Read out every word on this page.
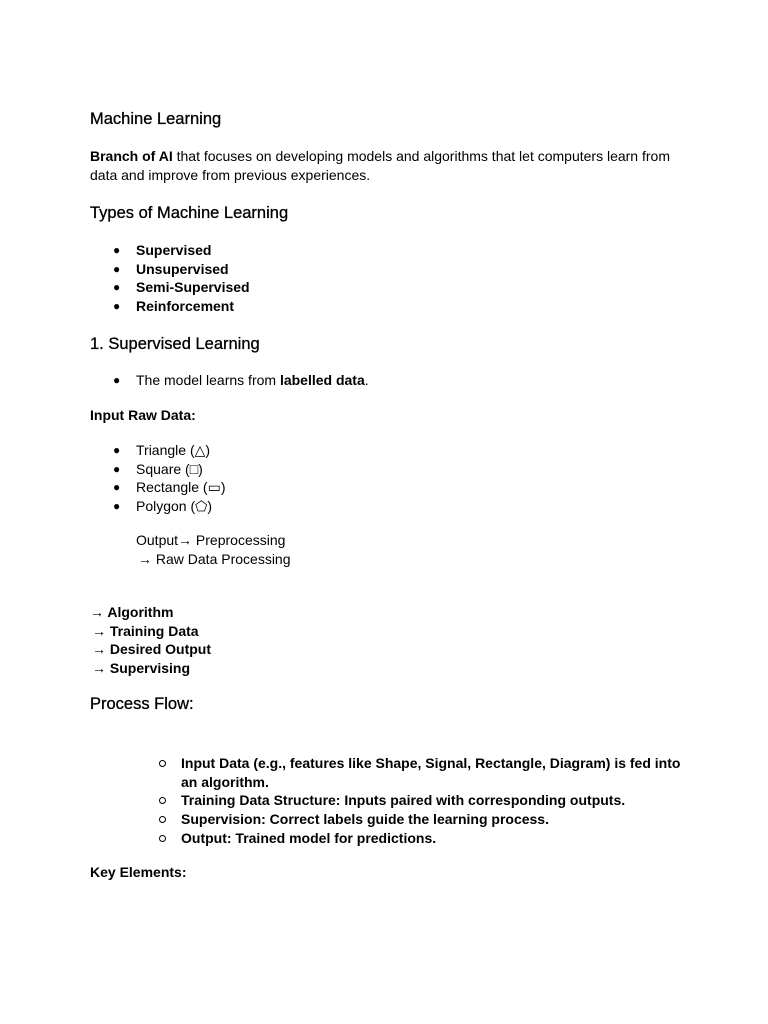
Machine Learning

Branch of AI that focuses on developing models and algorithms that let computers learn from data and improve from previous experiences.

Types of Machine Learning
● Supervised
● Unsupervised
● Semi-Supervised
● Reinforcement
1. Supervised Learning
● The model learns from labelled data.
Input Raw Data:
● Triangle (△)
● Square (□)
● Rectangle (▭)
● Polygon (⬠)
Output→ Preprocessing
→ Raw Data Processing
→ Algorithm
→ Training Data
→ Desired Output
→ Supervising
Process Flow:
Input Data (e.g., features like Shape, Signal, Rectangle, Diagram) is fed into an algorithm.
Training Data Structure: Inputs paired with corresponding outputs.
Supervision: Correct labels guide the learning process.
Output: Trained model for predictions.
Key Elements:
